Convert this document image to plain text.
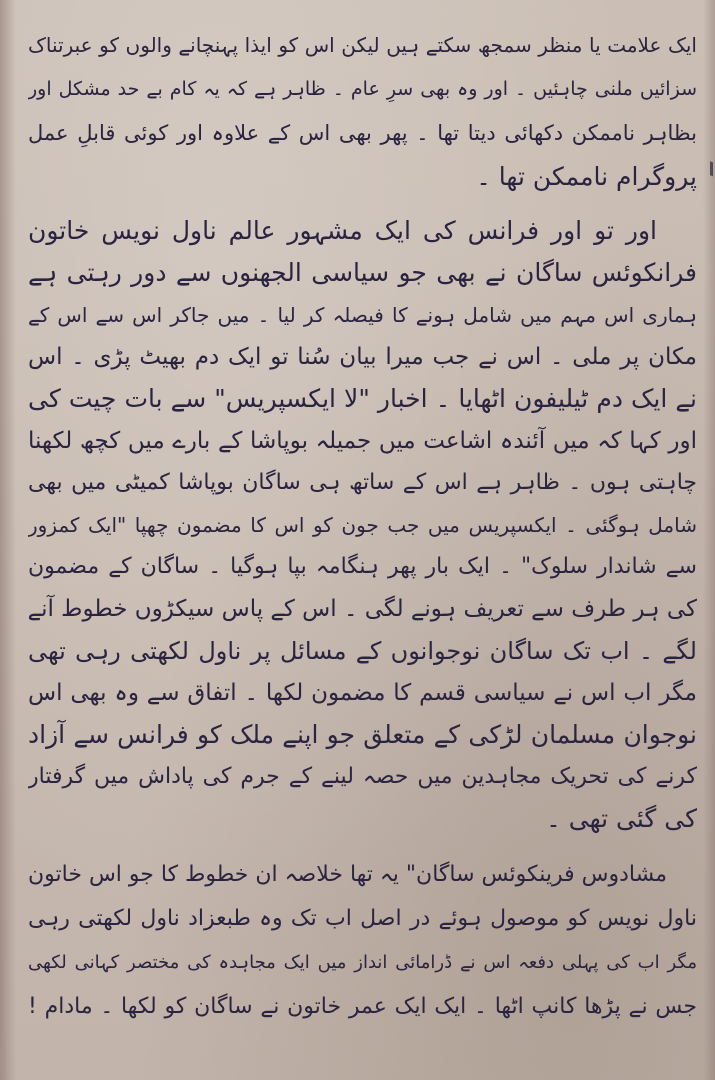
ایک علامت یا منظر سمجھ سکتے ہیں لیکن اس کو ایذا پہنچانے والوں کو عبرتناک
سزائیں ملنی چاہئیں ۔ اور وہ بھی سرِ عام ۔ ظاہر ہے کہ یہ کام بے حد مشکل اور
بظاہر ناممکن دکھائی دیتا تھا ۔ پھر بھی اس کے علاوہ اور کوئی قابلِ عمل
پروگرام ناممکن تھا ۔
اور تو اور فرانس کی ایک مشہور عالم ناول نویس خاتون
فرانکوئس ساگان نے بھی جو سیاسی الجھنوں سے دور رہتی ہے
ہماری اس مہم میں شامل ہونے کا فیصلہ کر لیا ۔ میں جاکر اس سے اس کے
مکان پر ملی ۔ اس نے جب میرا بیان سُنا تو ایک دم بھیٹ پڑی ۔ اس
نے ایک دم ٹیلیفون اٹھایا ۔ اخبار "لا ایکسپریس" سے بات چیت کی
اور کہا کہ میں آئندہ اشاعت میں جمیلہ بوپاشا کے بارے میں کچھ لکھنا
چاہتی ہوں ۔ ظاہر ہے اس کے ساتھ ہی ساگان بوپاشا کمیٹی میں بھی
شامل ہوگئی ۔ ایکسپریس میں جب جون کو اس کا مضمون چھپا "ایک کمزور
سے شاندار سلوک" ۔ ایک بار پھر ہنگامہ بپا ہوگیا ۔ ساگان کے مضمون
کی ہر طرف سے تعریف ہونے لگی ۔ اس کے پاس سیکڑوں خطوط آنے
لگے ۔ اب تک ساگان نوجوانوں کے مسائل پر ناول لکھتی رہی تھی
مگر اب اس نے سیاسی قسم کا مضمون لکھا ۔ اتفاق سے وہ بھی اس
نوجوان مسلمان لڑکی کے متعلق جو اپنے ملک کو فرانس سے آزاد
کرنے کی تحریک مجاہدین میں حصہ لینے کے جرم کی پاداش میں گرفتار
کی گئی تھی ۔
مشادوس فرینکوئس ساگان" یہ تھا خلاصہ ان خطوط کا جو اس خاتون
ناول نویس کو موصول ہوئے در اصل اب تک وہ طبعزاد ناول لکھتی رہی
مگر اب کی پہلی دفعہ اس نے ڈرامائی انداز میں ایک مجاہدہ کی مختصر کہانی لکھی
جس نے پڑھا کانپ اٹھا ۔ ایک ایک عمر خاتون نے ساگان کو لکھا ۔ مادام !
